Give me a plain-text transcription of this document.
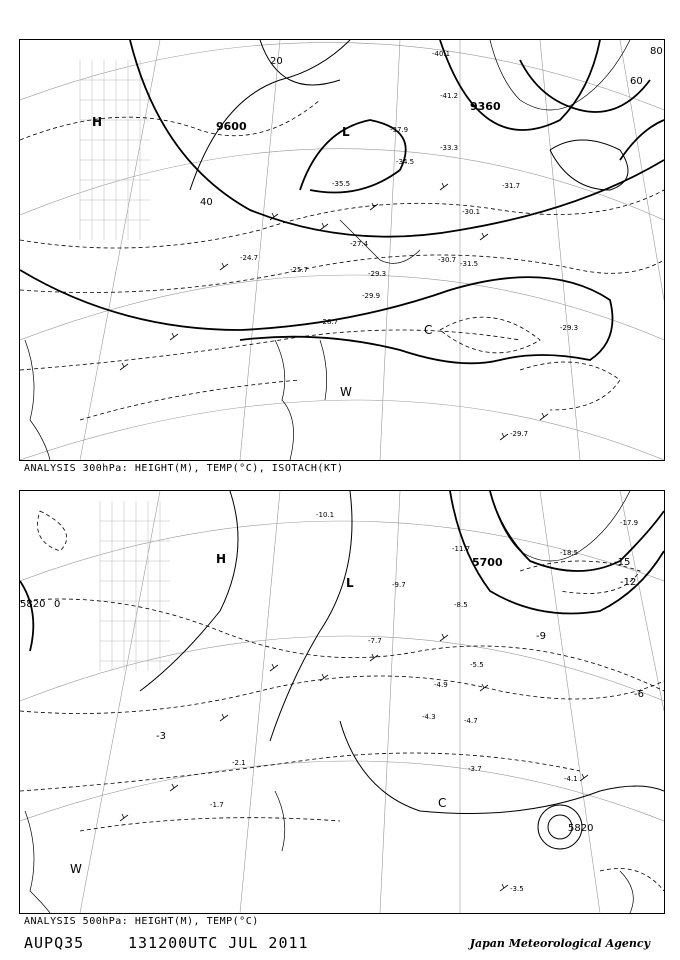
9600
9360
20
40
60
80
H
L
C
W
-40.1
-41.2
-37.9
-35.5
-34.5
-33.3
-31.7
-30.1
-29.3
-28.7
-27.4
-25.7
-24.7	-30.7 -31.5
-29.9
-29.7
-29.3
ANALYSIS 300hPa: HEIGHT(M), TEMP(°C), ISOTACH(KT)
5820
5700
5820
0
-3
-6
-9
-12
-15
H
L
C
W
-10.1
-11.7	-18.5
-17.9
-9.7
-8.5
-7.7
-5.5
-4.9
-4.7
-4.3
-3.7
-3.5
-4.1
-2.1
-1.7
ANALYSIS 500hPa: HEIGHT(M), TEMP(°C)
AUPQ35	131200UTC JUL 2011	Japan Meteorological Agency
